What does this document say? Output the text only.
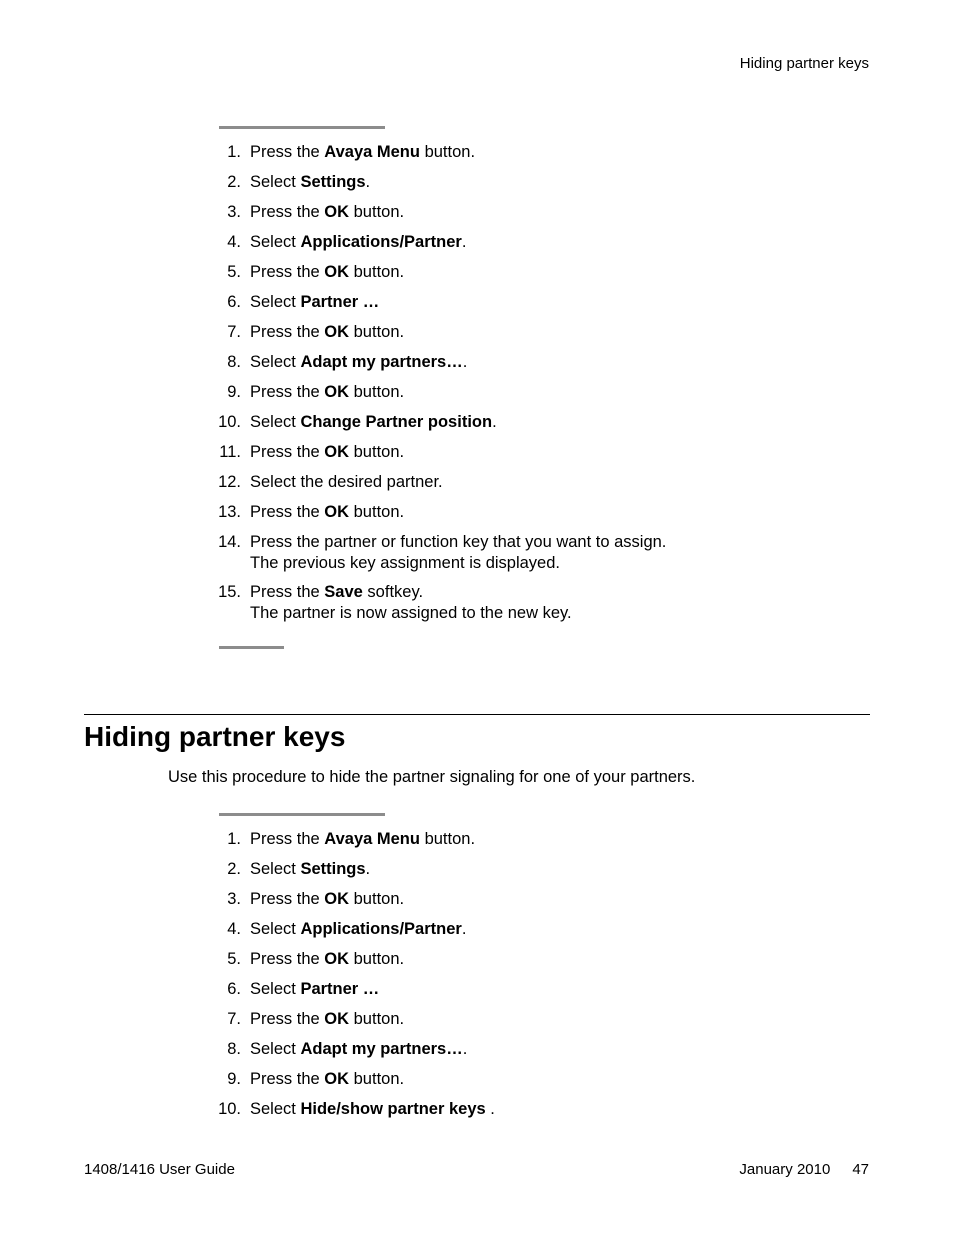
Hiding partner keys
1. Press the Avaya Menu button.
2. Select Settings.
3. Press the OK button.
4. Select Applications/Partner.
5. Press the OK button.
6. Select Partner …
7. Press the OK button.
8. Select Adapt my partners….
9. Press the OK button.
10. Select Change Partner position.
11. Press the OK button.
12. Select the desired partner.
13. Press the OK button.
14. Press the partner or function key that you want to assign.
The previous key assignment is displayed.
15. Press the Save softkey.
The partner is now assigned to the new key.
Hiding partner keys
Use this procedure to hide the partner signaling for one of your partners.
1. Press the Avaya Menu button.
2. Select Settings.
3. Press the OK button.
4. Select Applications/Partner.
5. Press the OK button.
6. Select Partner …
7. Press the OK button.
8. Select Adapt my partners….
9. Press the OK button.
10. Select Hide/show partner keys .
1408/1416 User Guide	January 2010 47
